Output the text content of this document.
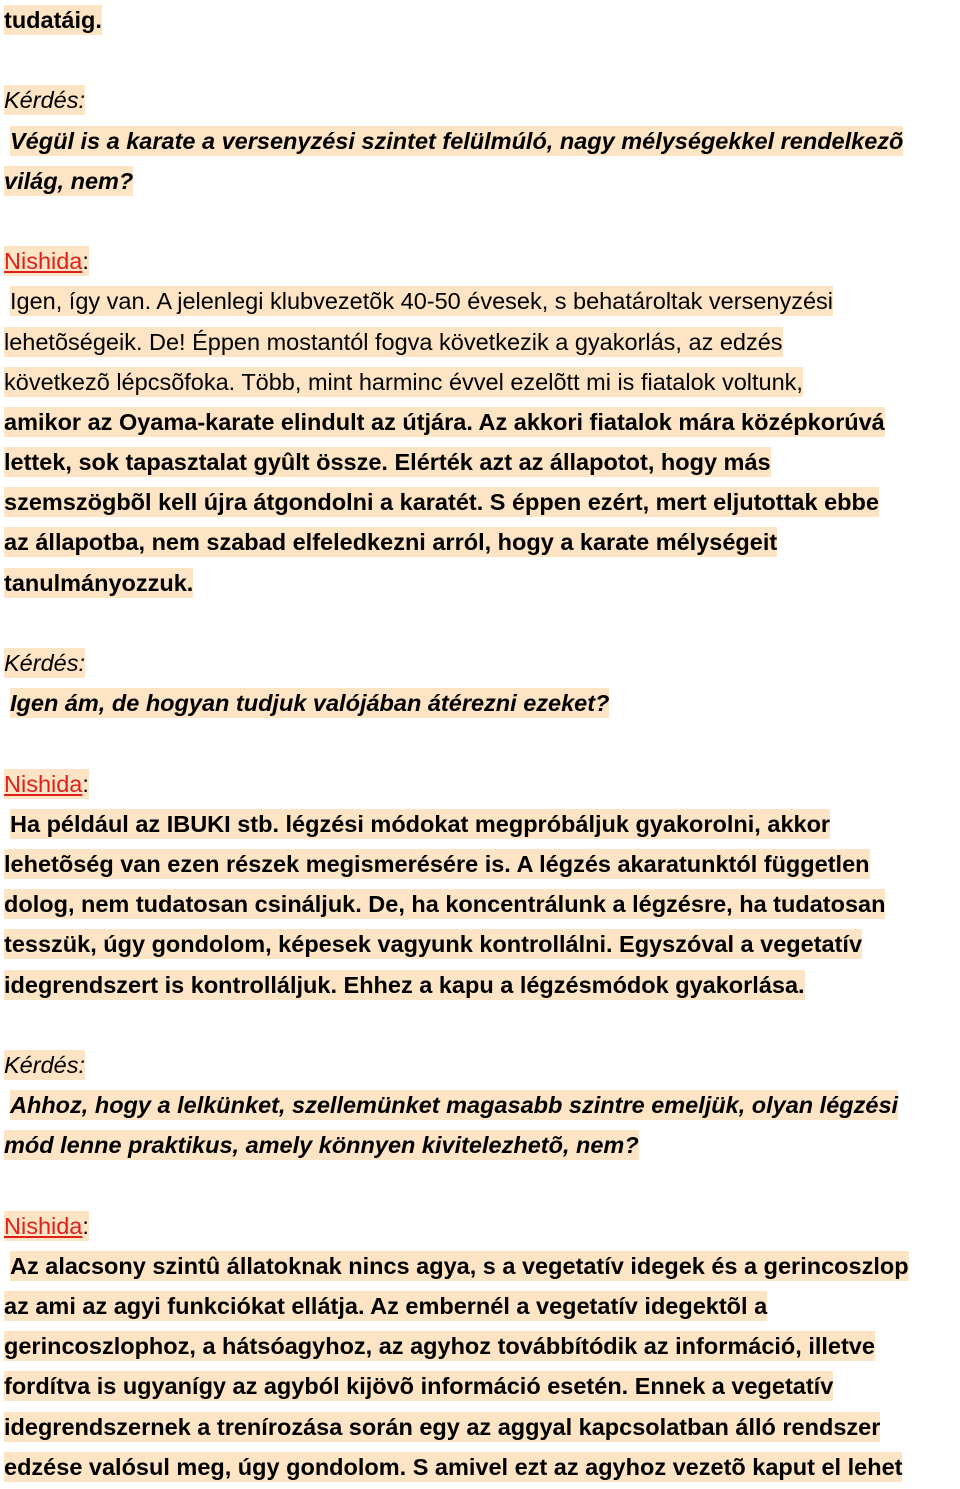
tudatáig.
Kérdés:
Végül is a karate a versenyzési szintet felülmúló, nagy mélységekkel rendelkezõ
világ, nem?
Nishida:
Igen, így van. A jelenlegi klubvezetõk 40-50 évesek, s behatároltak versenyzési
lehetõségeik. De! Éppen mostantól fogva következik a gyakorlás, az edzés
következõ lépcsõfoka. Több, mint harminc évvel ezelõtt mi is fiatalok voltunk,
amikor az Oyama-karate elindult az útjára. Az akkori fiatalok mára középkorúvá
lettek, sok tapasztalat gyûlt össze. Elérték azt az állapotot, hogy más
szemszögbõl kell újra átgondolni a karatét. S éppen ezért, mert eljutottak ebbe
az állapotba, nem szabad elfeledkezni arról, hogy a karate mélységeit
tanulmányozzuk.
Kérdés:
Igen ám, de hogyan tudjuk valójában átérezni ezeket?
Nishida:
Ha például az IBUKI stb. légzési módokat megpróbáljuk gyakorolni, akkor
lehetõség van ezen részek megismerésére is. A légzés akaratunktól független
dolog, nem tudatosan csináljuk. De, ha koncentrálunk a légzésre, ha tudatosan
tesszük, úgy gondolom, képesek vagyunk kontrollálni. Egyszóval a vegetatív
idegrendszert is kontrolláljuk. Ehhez a kapu a légzésmódok gyakorlása.
Kérdés:
Ahhoz, hogy a lelkünket, szellemünket magasabb szintre emeljük, olyan légzési
mód lenne praktikus, amely könnyen kivitelezhetõ, nem?
Nishida:
Az alacsony szintû állatoknak nincs agya, s a vegetatív idegek és a gerincoszlop
az ami az agyi funkciókat ellátja. Az embernél a vegetatív idegektõl a
gerincoszlophoz, a hátsóagyhoz, az agyhoz továbbítódik az információ, illetve
fordítva is ugyanígy az agyból kijövõ információ esetén. Ennek a vegetatív
idegrendszernek a trenírozása során egy az aggyal kapcsolatban álló rendszer
edzése valósul meg, úgy gondolom. S amivel ezt az agyhoz vezetõ kaput el lehet
